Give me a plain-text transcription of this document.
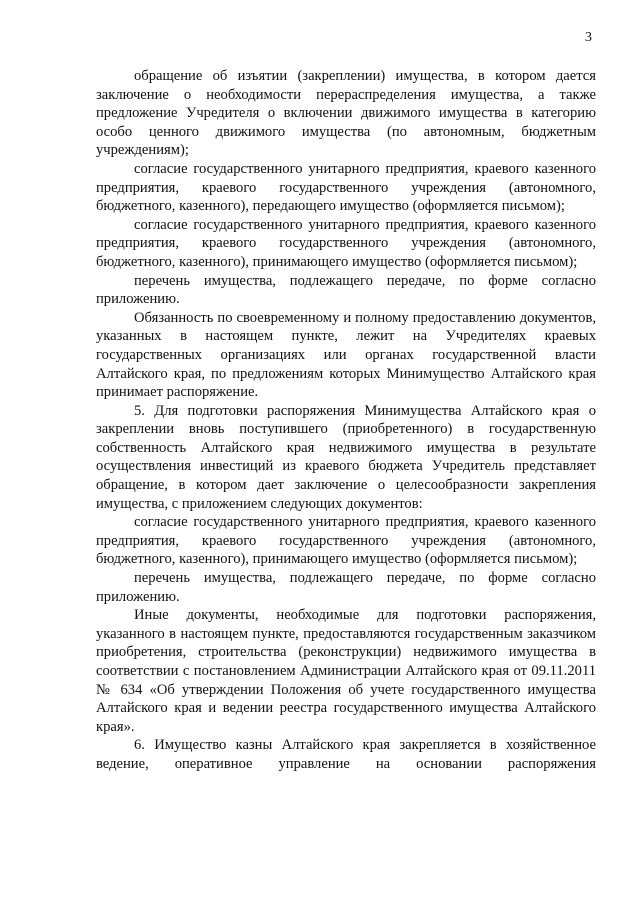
3

обращение об изъятии (закреплении) имущества, в котором дается заключение о необходимости перераспределения имущества, а также предложение Учредителя о включении движимого имущества в категорию особо ценного движимого имущества (по автономным, бюджетным учреждениям);

согласие государственного унитарного предприятия, краевого казенного предприятия, краевого государственного учреждения (автономного, бюджетного, казенного), передающего имущество (оформляется письмом);

согласие государственного унитарного предприятия, краевого казенного предприятия, краевого государственного учреждения (автономного, бюджетного, казенного), принимающего имущество (оформляется письмом);

перечень имущества, подлежащего передаче, по форме согласно приложению.

Обязанность по своевременному и полному предоставлению документов, указанных в настоящем пункте, лежит на Учредителях краевых государственных организациях или органах государственной власти Алтайского края, по предложениям которых Минимущество Алтайского края принимает распоряжение.

5. Для подготовки распоряжения Минимущества Алтайского края о закреплении вновь поступившего (приобретенного) в государственную собственность Алтайского края недвижимого имущества в результате осуществления инвестиций из краевого бюджета Учредитель представляет обращение, в котором дает заключение о целесообразности закрепления имущества, с приложением следующих документов:

согласие государственного унитарного предприятия, краевого казенного предприятия, краевого государственного учреждения (автономного, бюджетного, казенного), принимающего имущество (оформляется письмом);

перечень имущества, подлежащего передаче, по форме согласно приложению.

Иные документы, необходимые для подготовки распоряжения, указанного в настоящем пункте, предоставляются государственным заказчиком приобретения, строительства (реконструкции) недвижимого имущества в соответствии с постановлением Администрации Алтайского края от 09.11.2011 № 634 «Об утверждении Положения об учете государственного имущества Алтайского края и ведении реестра государственного имущества Алтайского края».

6. Имущество казны Алтайского края закрепляется в хозяйственное ведение, оперативное управление на основании распоряжения
